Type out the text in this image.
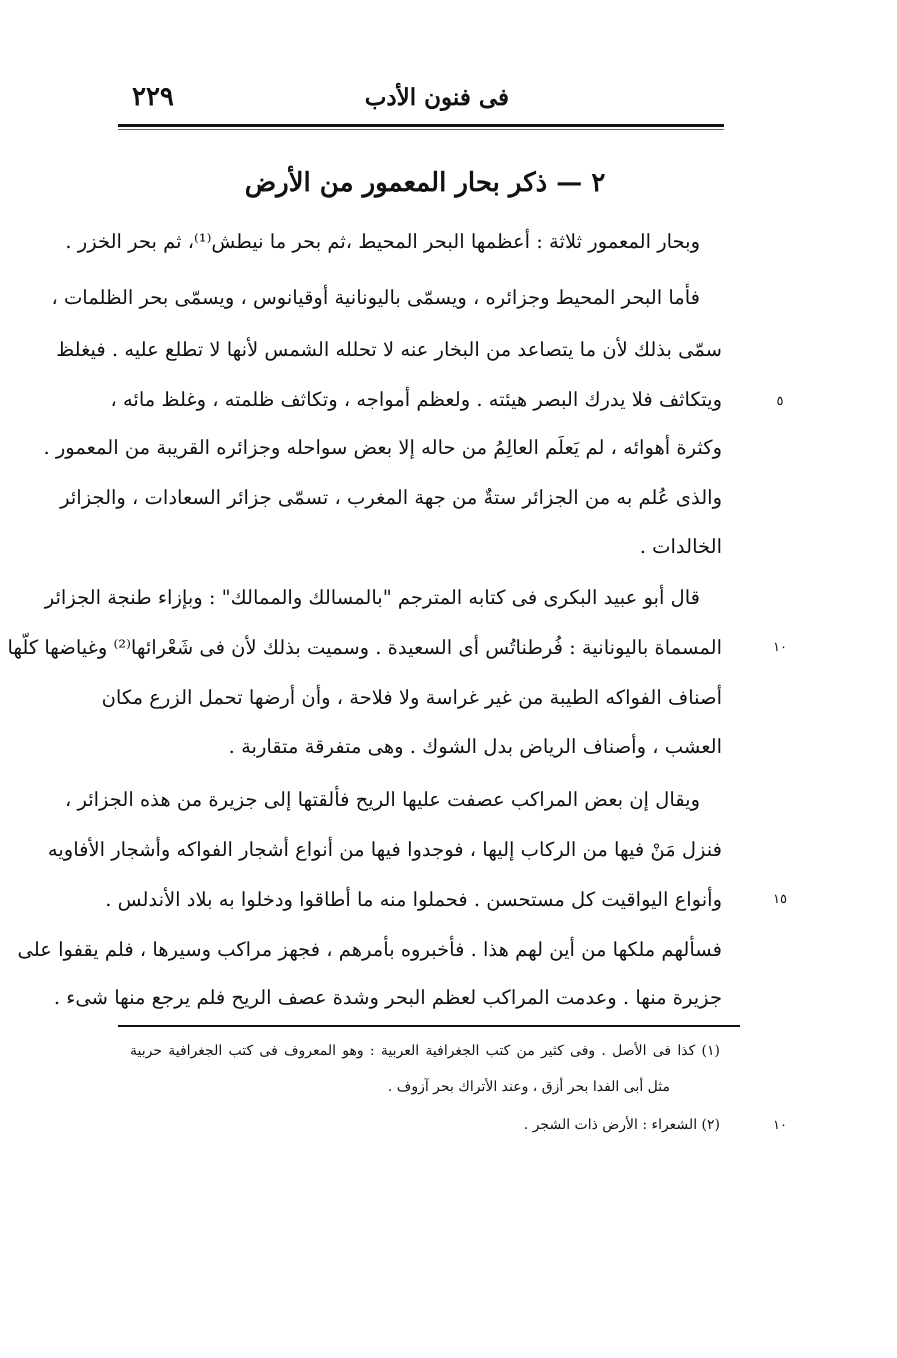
فى فنون الأدب
٢٢٩
٢ — ذكر بحار المعمور من الأرض
وبحار المعمور ثلاثة : أعظمها البحر المحيط ،ثم بحر ما نيطش⁽¹⁾، ثم بحر الخزر .
فأما البحر المحيط وجزائره ، ويسمّى باليونانية أوقيانوس ، ويسمّى بحر الظلمات ،
سمّى بذلك لأن ما يتصاعد من البخار عنه لا تحلله الشمس لأنها لا تطلع عليه . فيغلظ
ويتكاثف فلا يدرك البصر هيئته . ولعظم أمواجه ، وتكاثف ظلمته ، وغلظ مائه ،
وكثرة أهوائه ، لم يَعلَم العالِمُ من حاله إلا بعض سواحله وجزائره القريبة من المعمور .
والذى عُلم به من الجزائر ستةٌ من جهة المغرب ، تسمّى جزائر السعادات ، والجزائر
الخالدات .
قال أبو عبيد البكرى فى كتابه المترجم "بالمسالك والممالك" : وبإزاء طنجة الجزائر
المسماة باليونانية : فُرطناتُس أى السعيدة . وسميت بذلك لأن فى شَعْرائها⁽²⁾ وغياضها كلّها
أصناف الفواكه الطيبة من غير غراسة ولا فلاحة ، وأن أرضها تحمل الزرع مكان
العشب ، وأصناف الرياض بدل الشوك . وهى متفرقة متقاربة .
ويقال إن بعض المراكب عصفت عليها الريح فألقتها إلى جزيرة من هذه الجزائر ،
فنزل مَنْ فيها من الركاب إليها ، فوجدوا فيها من أنواع أشجار الفواكه وأشجار الأفاويه
وأنواع اليواقيت كل مستحسن . فحملوا منه ما أطاقوا ودخلوا به بلاد الأندلس .
فسألهم ملكها من أين لهم هذا . فأخبروه بأمرهم ، فجهز مراكب وسيرها ، فلم يقفوا على
جزيرة منها . وعدمت المراكب لعظم البحر وشدة عصف الريح فلم يرجع منها شىء .
٥
١٠
١٥
(١) كذا فى الأصل . وفى كثير من كتب الجغرافية العربية : وهو المعروف فى كتب الجغرافية حربية
مثل أبى الفدا بحر أزق ، وعند الأتراك بحر آزوف .
(٢) الشعراء : الأرض ذات الشجر .	١٠
